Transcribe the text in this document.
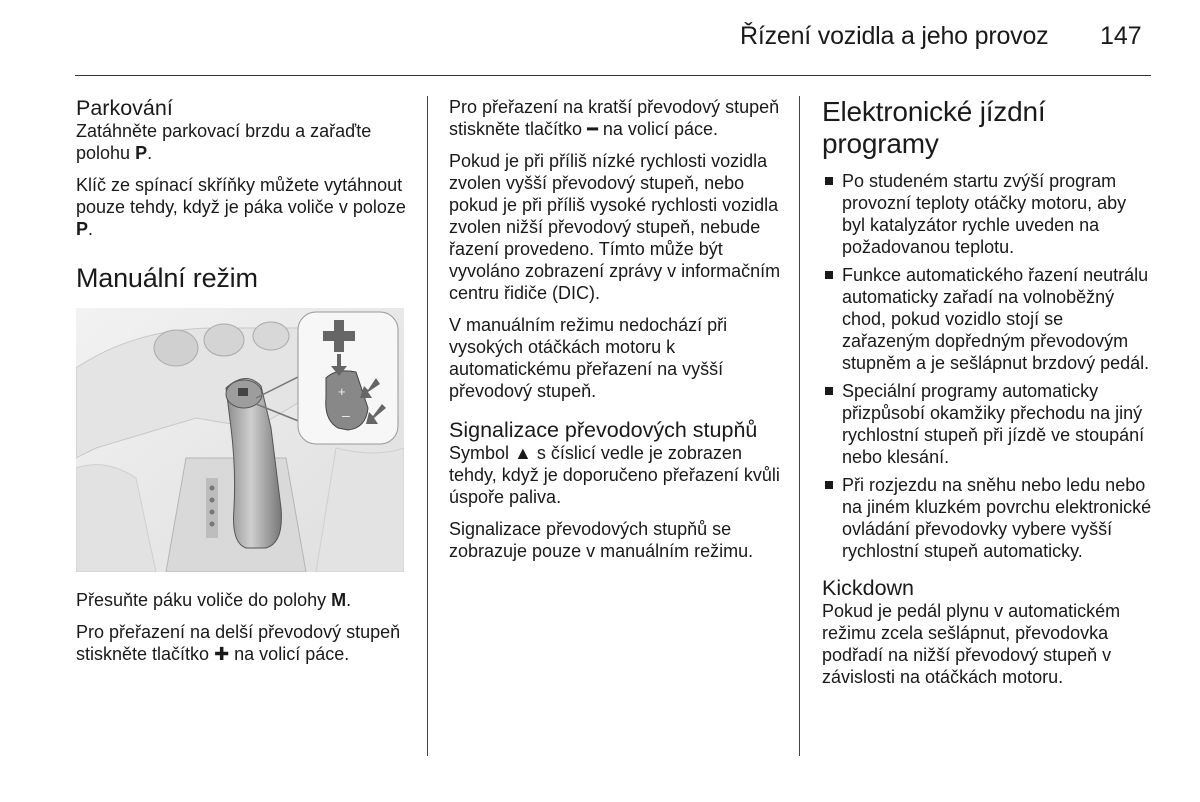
Řízení vozidla a jeho provoz 147
Parkování

Zatáhněte parkovací brzdu a zařaďte polohu P.

Klíč ze spínací skříňky můžete vytáhnout pouze tehdy, když je páka voliče v poloze P.

Manuální režim
+
–

Přesuňte páku voliče do polohy M.

Pro přeřazení na delší převodový stupeň stiskněte tlačítko ✚ na volicí páce.

Pro přeřazení na kratší převodový stupeň stiskněte tlačítko ━ na volicí páce.

Pokud je při příliš nízké rychlosti vozidla zvolen vyšší převodový stupeň, nebo pokud je při příliš vysoké rychlosti vozidla zvolen nižší převodový stupeň, nebude řazení provedeno. Tímto může být vyvoláno zobrazení zprávy v informačním centru řidiče (DIC).

V manuálním režimu nedochází při vysokých otáčkách motoru k automatickému přeřazení na vyšší převodový stupeň.

Signalizace převodových stupňů

Symbol ▲ s číslicí vedle je zobrazen tehdy, když je doporučeno přeřazení kvůli úspoře paliva.

Signalizace převodových stupňů se zobrazuje pouze v manuálním režimu.

Elektronické jízdní programy
Po studeném startu zvýší program provozní teploty otáčky motoru, aby byl katalyzátor rychle uveden na požadovanou teplotu.
Funkce automatického řazení neutrálu automaticky zařadí na volnoběžný chod, pokud vozidlo stojí se zařazeným dopředným převodovým stupněm a je sešlápnut brzdový pedál.
Speciální programy automaticky přizpůsobí okamžiky přechodu na jiný rychlostní stupeň při jízdě ve stoupání nebo klesání.
Při rozjezdu na sněhu nebo ledu nebo na jiném kluzkém povrchu elektronické ovládání převodovky vybere vyšší rychlostní stupeň automaticky.
Kickdown

Pokud je pedál plynu v automatickém režimu zcela sešlápnut, převodovka podřadí na nižší převodový stupeň v závislosti na otáčkách motoru.
